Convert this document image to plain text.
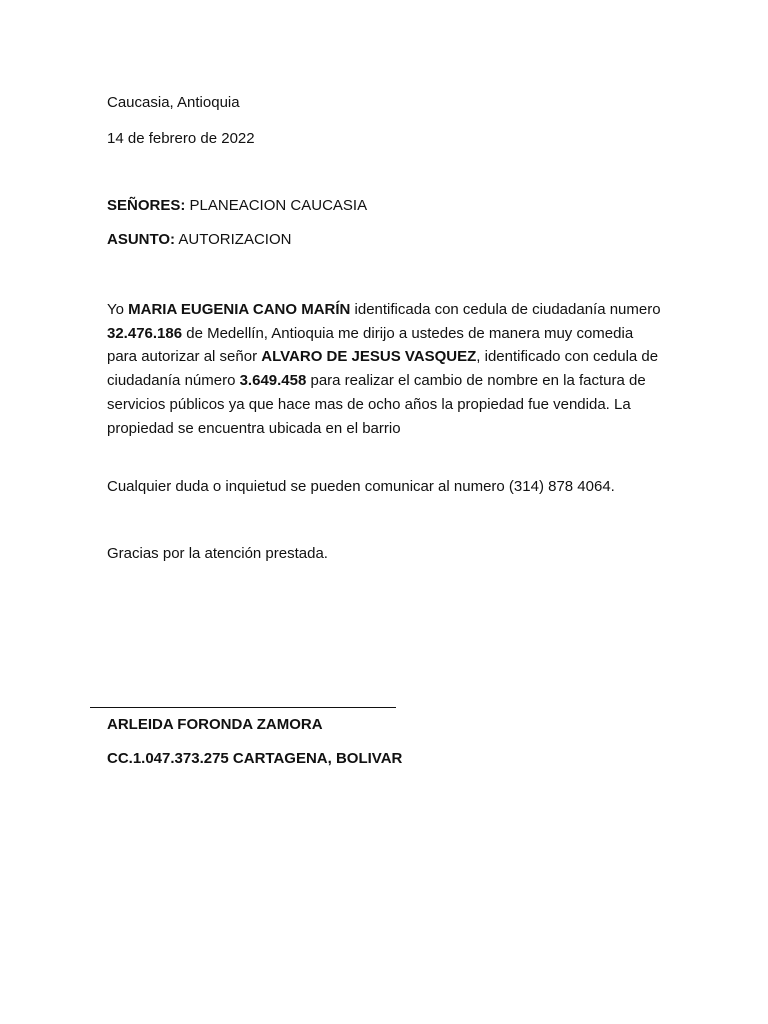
Caucasia, Antioquia
14 de febrero de 2022
SEÑORES: PLANEACION CAUCASIA
ASUNTO: AUTORIZACION

Yo MARIA EUGENIA CANO MARÍN identificada con cedula de ciudadanía numero 32.476.186 de Medellín, Antioquia me dirijo a ustedes de manera muy comedia para autorizar al señor ALVARO DE JESUS VASQUEZ, identificado con cedula de ciudadanía número 3.649.458 para realizar el cambio de nombre en la factura de servicios públicos ya que hace mas de ocho años la propiedad fue vendida. La propiedad se encuentra ubicada en el barrio

Cualquier duda o inquietud se pueden comunicar al numero (314) 878 4064.
Gracias por la atención prestada.
ARLEIDA FORONDA ZAMORA
CC.1.047.373.275 CARTAGENA, BOLIVAR
